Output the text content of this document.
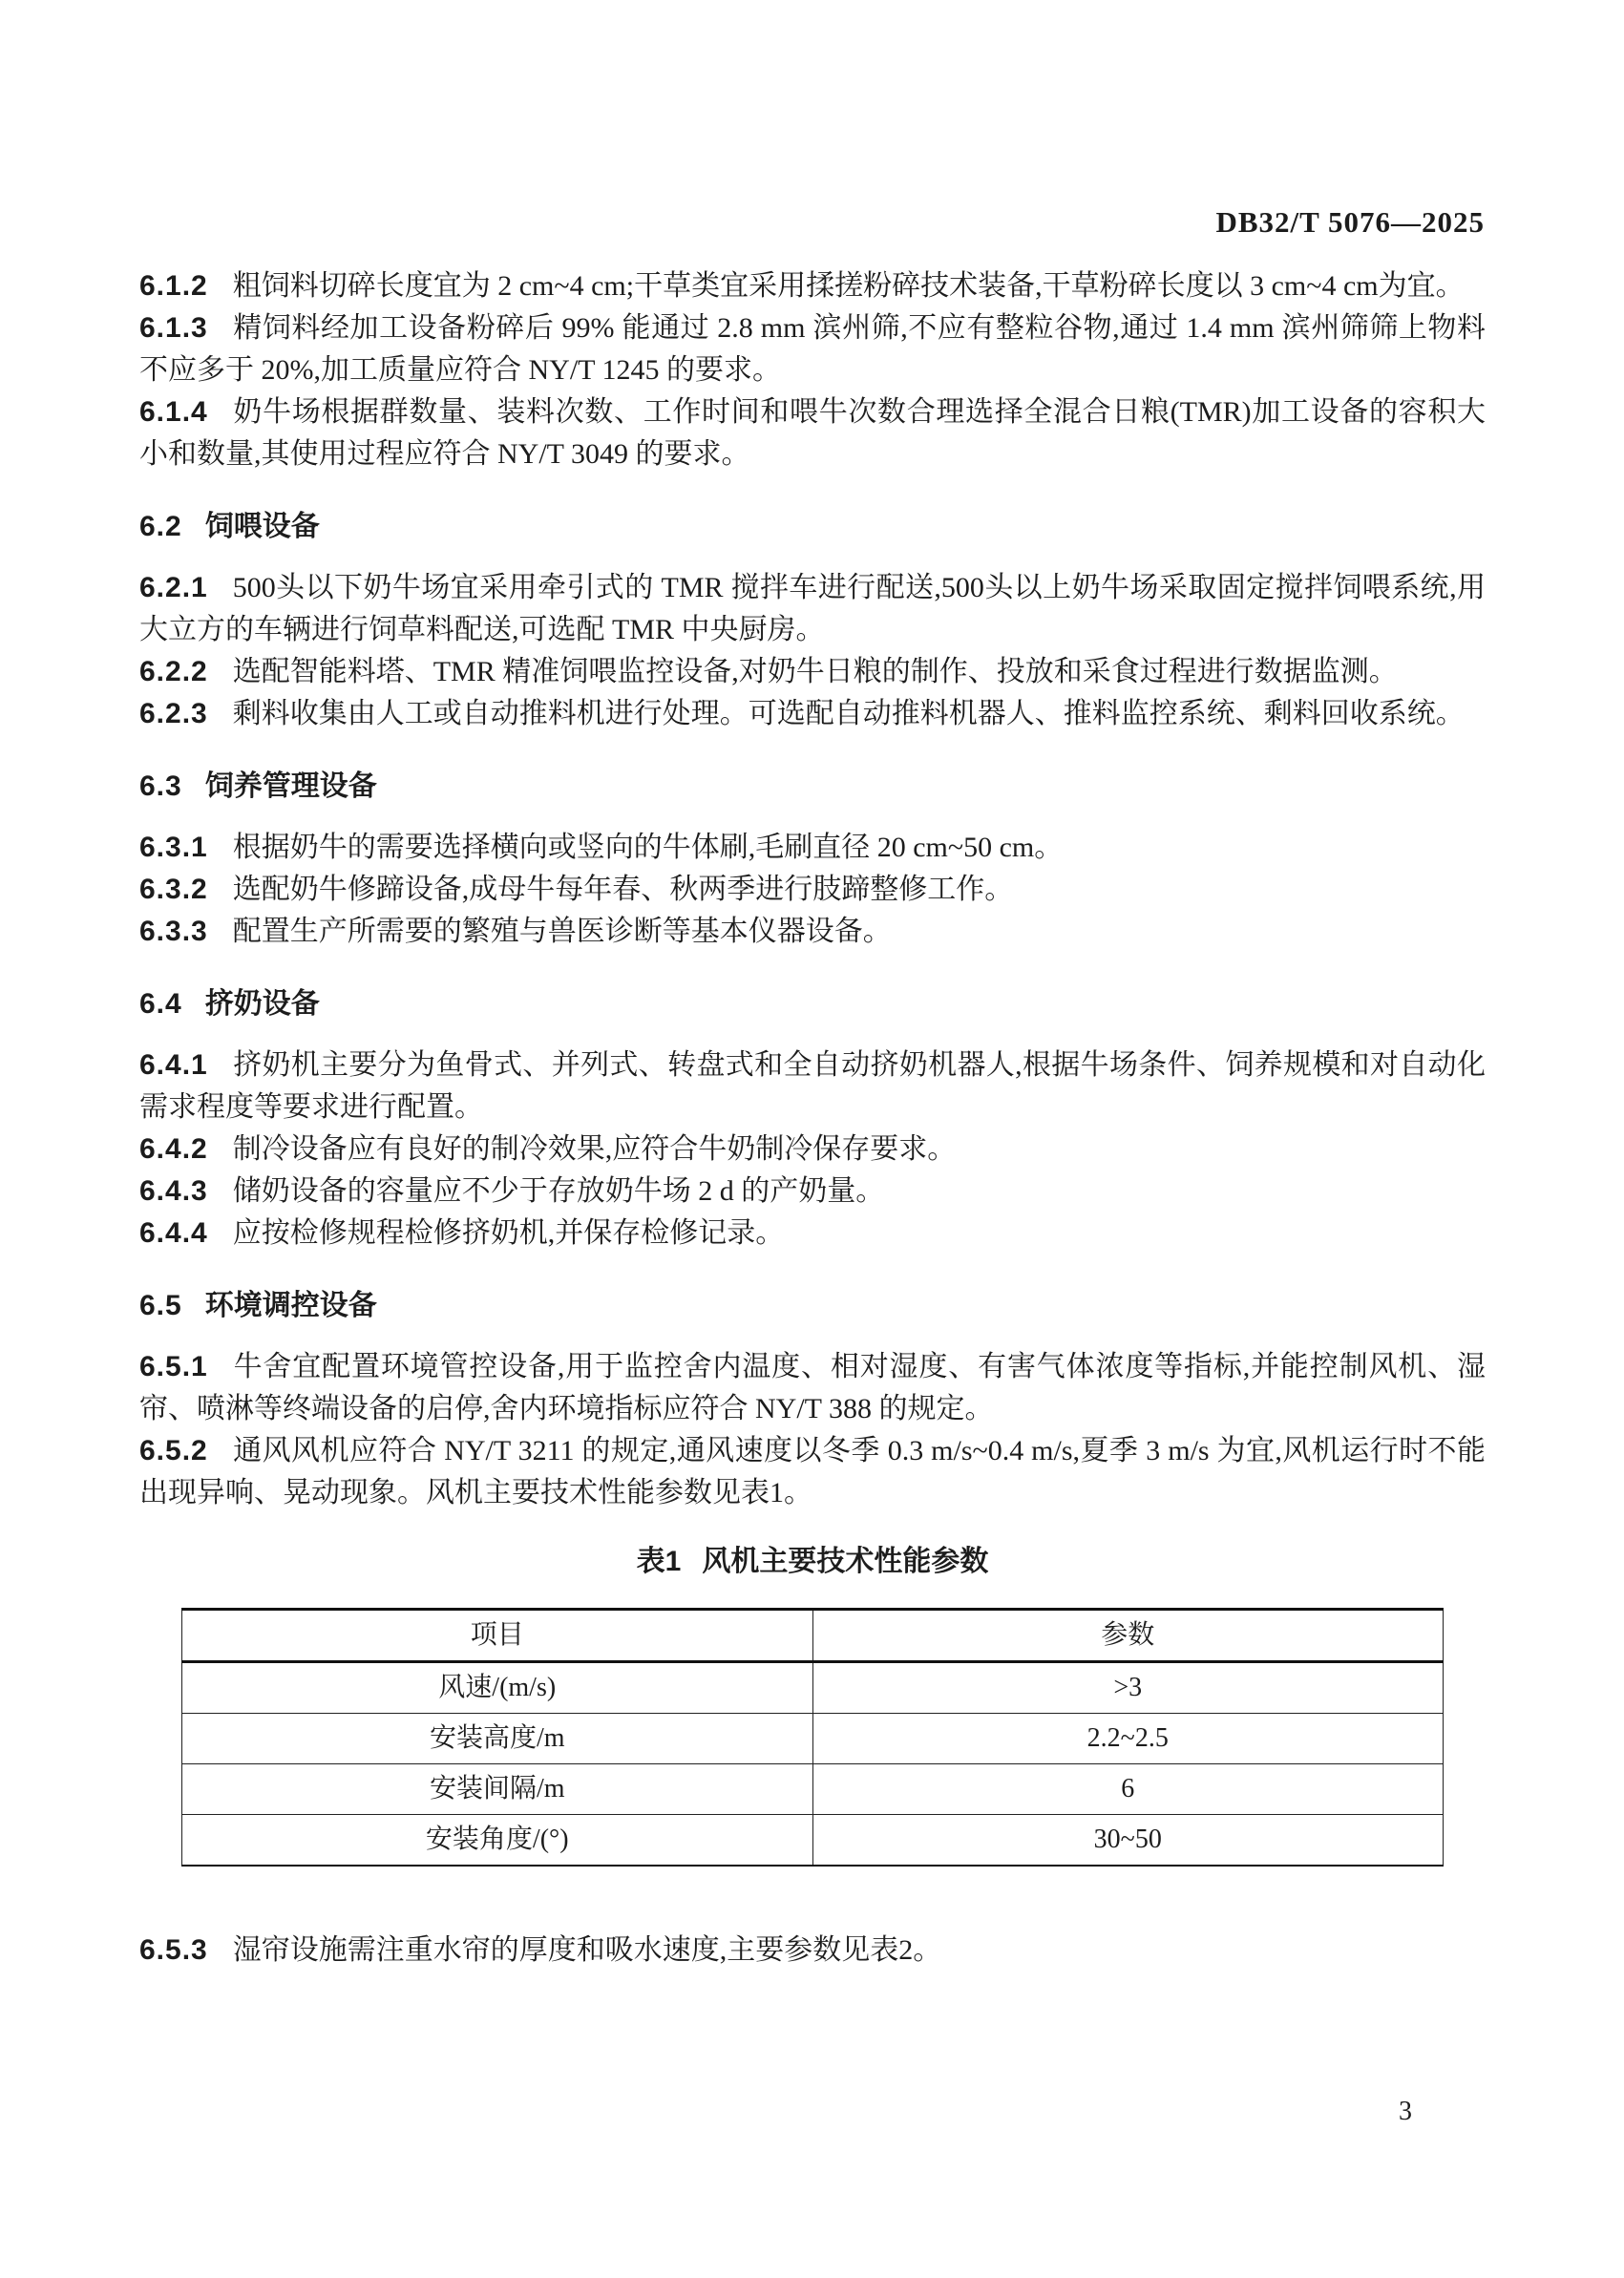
DB32/T 5076—2025

6.1.2 粗饲料切碎长度宜为 2 cm~4 cm;干草类宜采用揉搓粉碎技术装备,干草粉碎长度以 3 cm~4 cm为宜。

6.1.3 精饲料经加工设备粉碎后 99% 能通过 2.8 mm 滨州筛,不应有整粒谷物,通过 1.4 mm 滨州筛筛上物料不应多于 20%,加工质量应符合 NY/T 1245 的要求。

6.1.4 奶牛场根据群数量、装料次数、工作时间和喂牛次数合理选择全混合日粮(TMR)加工设备的容积大小和数量,其使用过程应符合 NY/T 3049 的要求。

6.2 饲喂设备

6.2.1 500头以下奶牛场宜采用牵引式的 TMR 搅拌车进行配送,500头以上奶牛场采取固定搅拌饲喂系统,用大立方的车辆进行饲草料配送,可选配 TMR 中央厨房。

6.2.2 选配智能料塔、TMR 精准饲喂监控设备,对奶牛日粮的制作、投放和采食过程进行数据监测。

6.2.3 剩料收集由人工或自动推料机进行处理。可选配自动推料机器人、推料监控系统、剩料回收系统。

6.3 饲养管理设备

6.3.1 根据奶牛的需要选择横向或竖向的牛体刷,毛刷直径 20 cm~50 cm。

6.3.2 选配奶牛修蹄设备,成母牛每年春、秋两季进行肢蹄整修工作。

6.3.3 配置生产所需要的繁殖与兽医诊断等基本仪器设备。

6.4 挤奶设备

6.4.1 挤奶机主要分为鱼骨式、并列式、转盘式和全自动挤奶机器人,根据牛场条件、饲养规模和对自动化需求程度等要求进行配置。

6.4.2 制冷设备应有良好的制冷效果,应符合牛奶制冷保存要求。

6.4.3 储奶设备的容量应不少于存放奶牛场 2 d 的产奶量。

6.4.4 应按检修规程检修挤奶机,并保存检修记录。

6.5 环境调控设备

6.5.1 牛舍宜配置环境管控设备,用于监控舍内温度、相对湿度、有害气体浓度等指标,并能控制风机、湿帘、喷淋等终端设备的启停,舍内环境指标应符合 NY/T 388 的规定。

6.5.2 通风风机应符合 NY/T 3211 的规定,通风速度以冬季 0.3 m/s~0.4 m/s,夏季 3 m/s 为宜,风机运行时不能出现异响、晃动现象。风机主要技术性能参数见表1。

表1 风机主要技术性能参数
项目	参数
风速/(m/s)	>3
安装高度/m	2.2~2.5
安装间隔/m	6
安装角度/(°)	30~50

6.5.3 湿帘设施需注重水帘的厚度和吸水速度,主要参数见表2。

3
